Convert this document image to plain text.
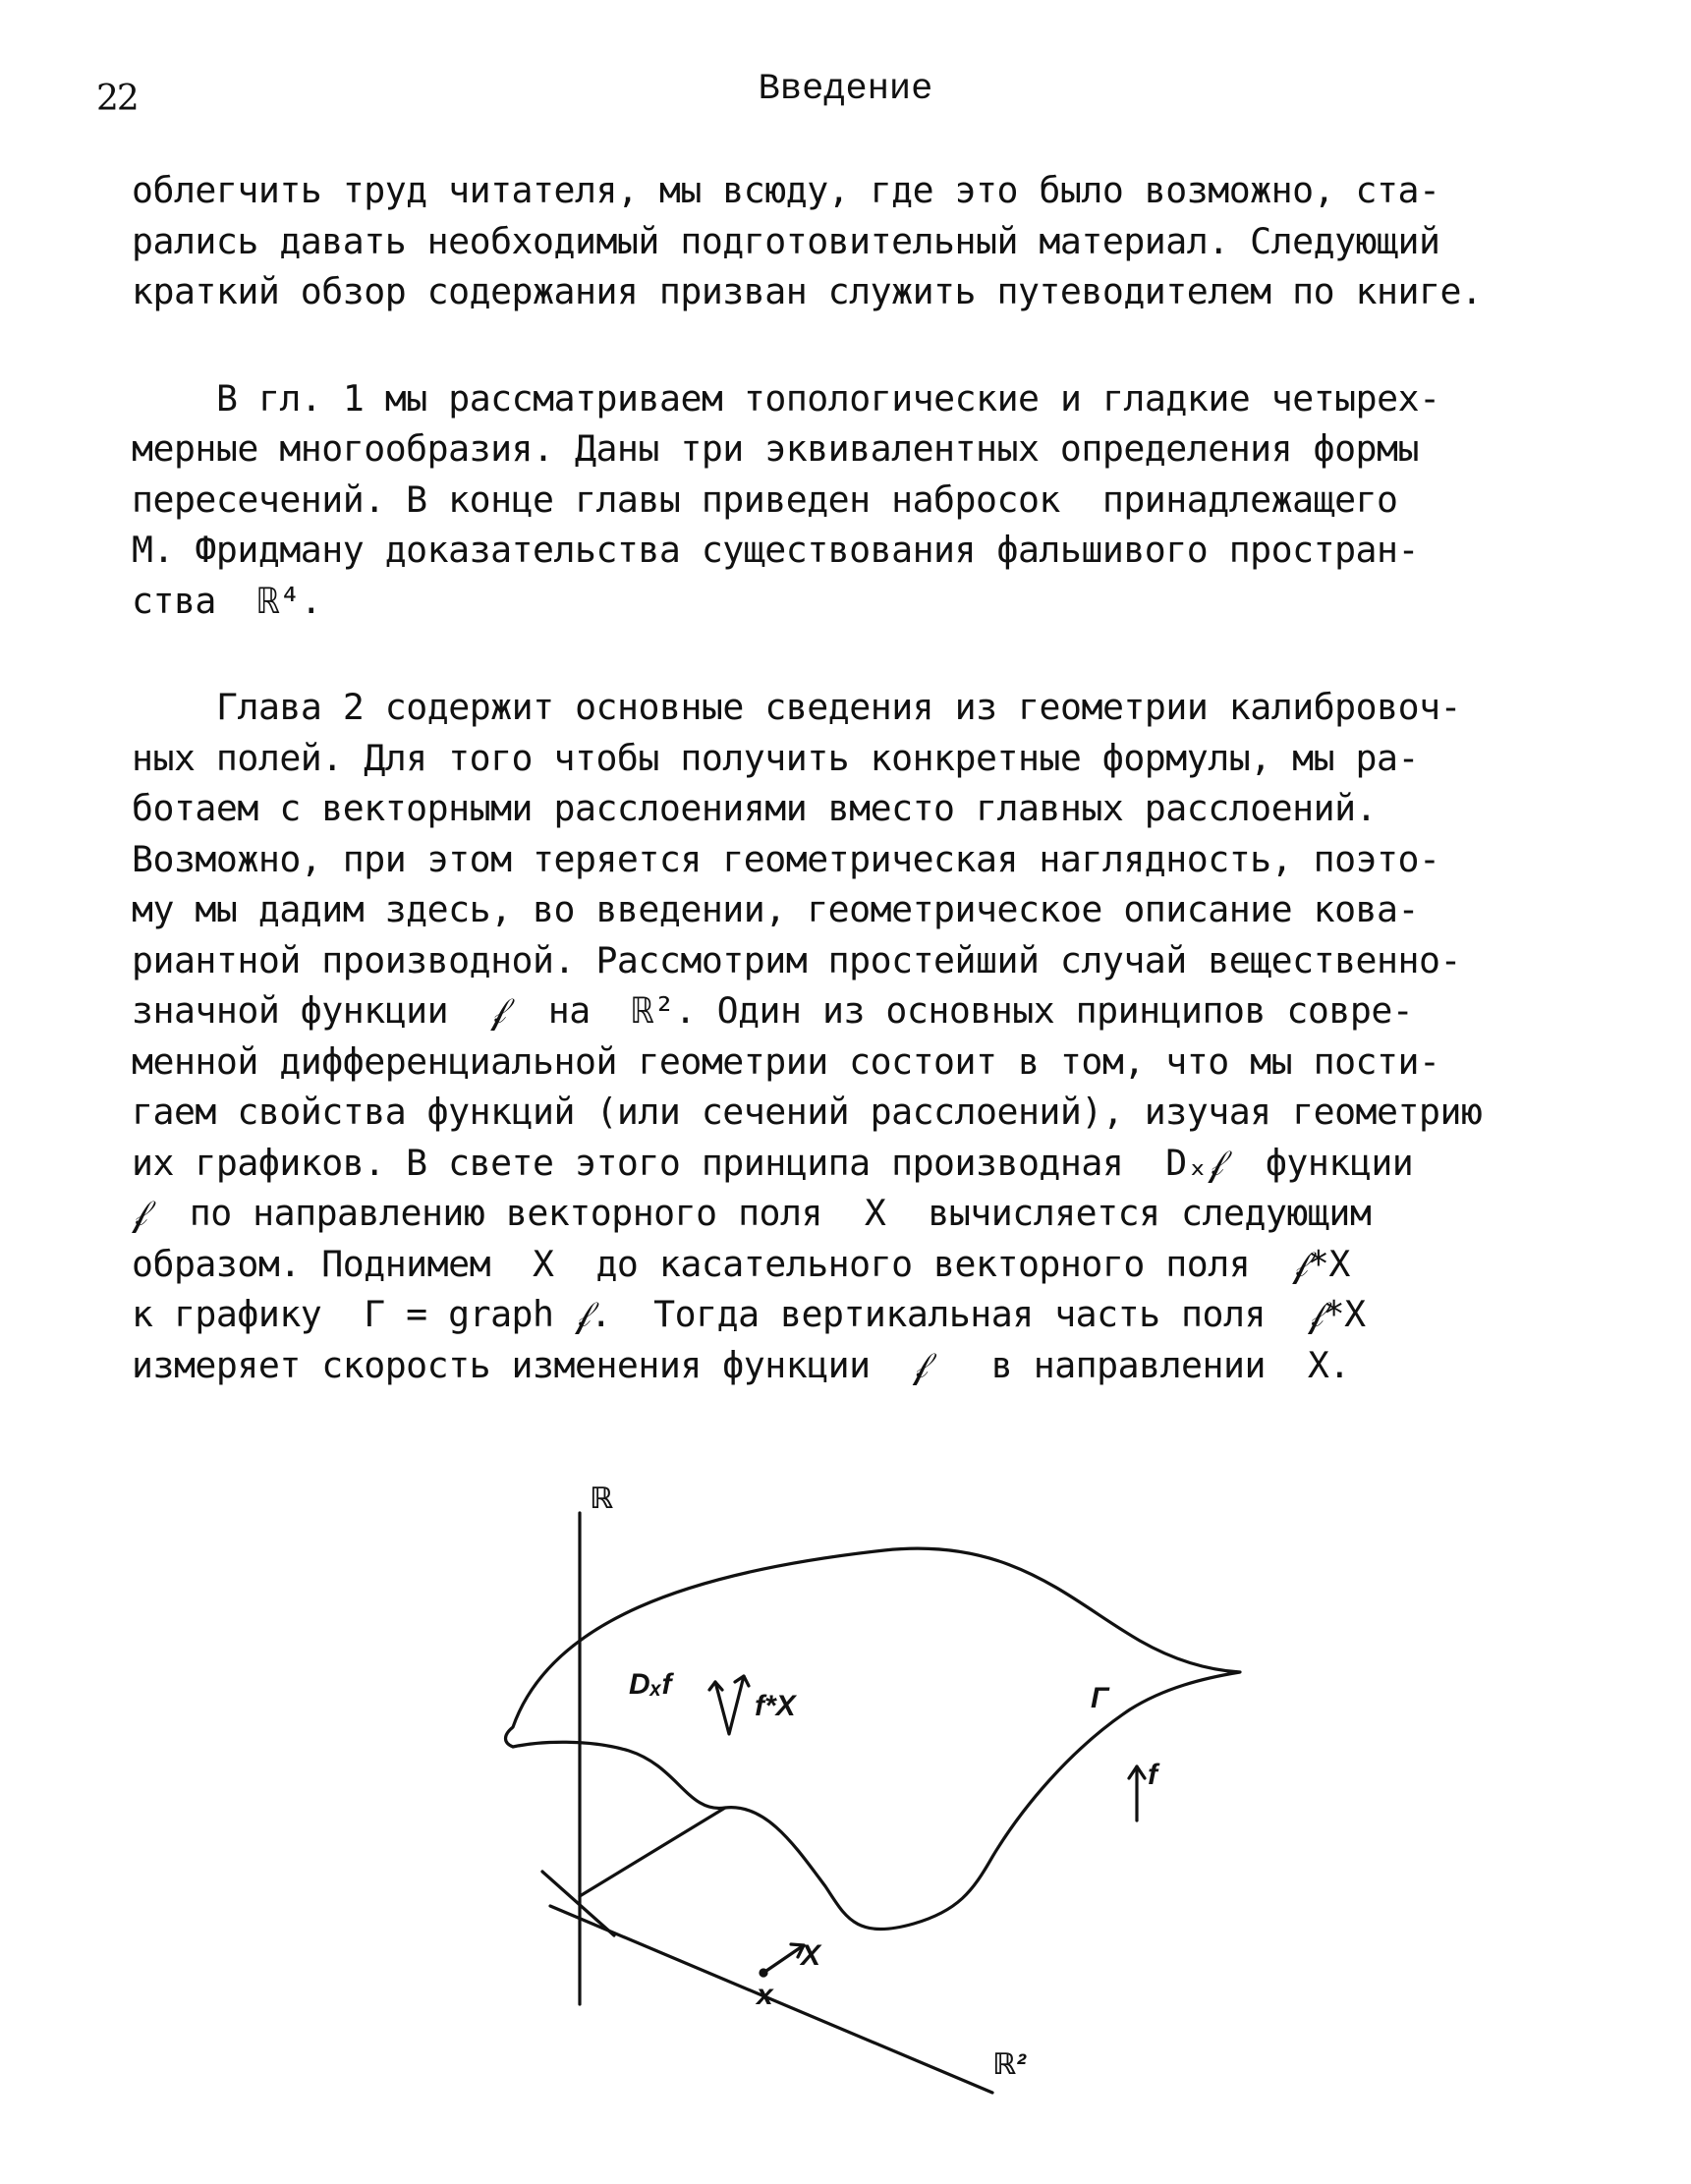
22	Введение
облегчить труд читателя, мы всюду, где это было возможно, ста-
рались давать необходимый подготовительный материал. Следующий
краткий обзор содержания призван служить путеводителем по книге.
В гл. 1 мы рассматриваем топологические и гладкие четырех-
мерные многообразия. Даны три эквивалентных определения формы
пересечений. В конце главы приведен набросок  принадлежащего
М. Фридману доказательства существования фальшивого простран-
ства  ℝ⁴.
Глава 2 содержит основные сведения из геометрии калибровоч-
ных полей. Для того чтобы получить конкретные формулы, мы ра-
ботаем с векторными расслоениями вместо главных расслоений.
Возможно, при этом теряется геометрическая наглядность, поэто-
му мы дадим здесь, во введении, геометрическое описание кова-
риантной производной. Рассмотрим простейший случай вещественно-
значной функции  𝒻  на  ℝ². Один из основных принципов совре-
менной дифференциальной геометрии состоит в том, что мы пости-
гаем свойства функций (или сечений расслоений), изучая геометрию
их графиков. В свете этого принципа производная  Dₓ𝒻  функции
𝒻  по направлению векторного поля  X  вычисляется следующим
образом. Поднимем  X  до касательного векторного поля  𝒻*X
к графику  Γ = graph 𝒻.  Тогда вертикальная часть поля  𝒻*X
измеряет скорость изменения функции  𝒻   в направлении  X.
ℝ
ℝ²
Dₓf
f*X	Γ
f
x
X
